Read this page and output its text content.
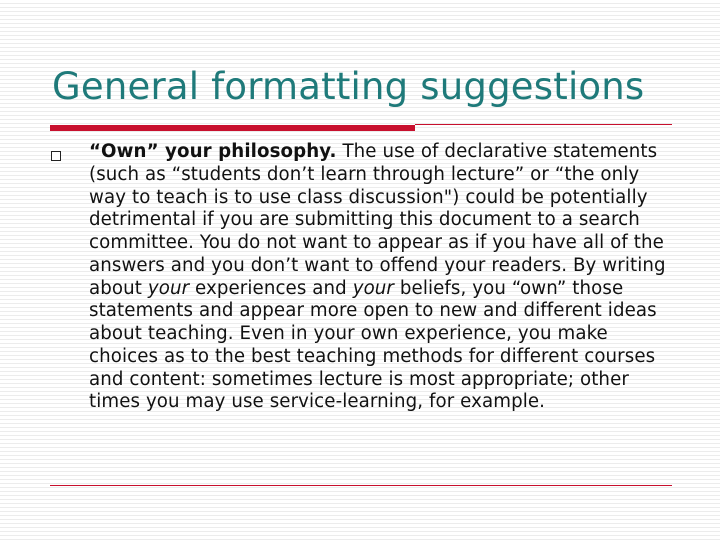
General formatting suggestions
“Own” your philosophy. The use of declarative statements (such as “students don’t learn through lecture” or “the only way to teach is to use class discussion") could be potentially detrimental if you are submitting this document to a search committee. You do not want to appear as if you have all of the answers and you don’t want to offend your readers. By writing about your experiences and your beliefs, you “own” those statements and appear more open to new and different ideas about teaching. Even in your own experience, you make choices as to the best teaching methods for different courses and content: sometimes lecture is most appropriate; other times you may use service-learning, for example.
